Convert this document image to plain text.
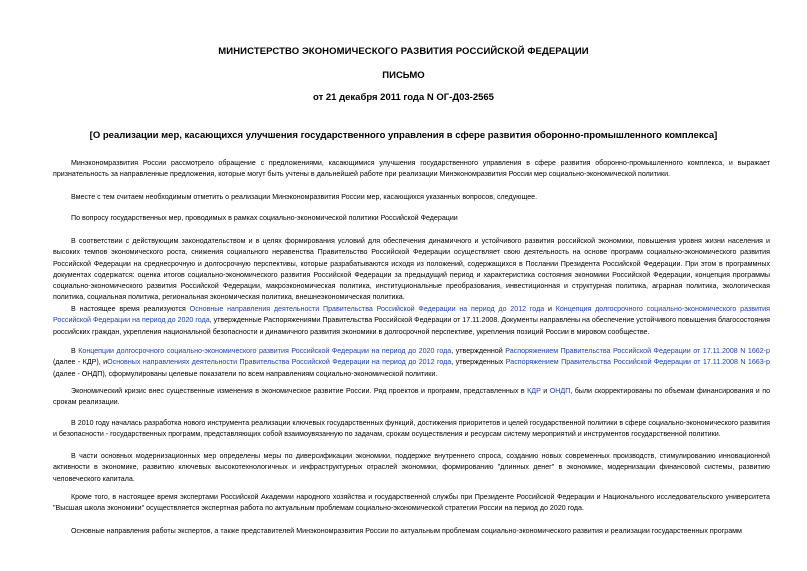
МИНИСТЕРСТВО ЭКОНОМИЧЕСКОГО РАЗВИТИЯ РОССИЙСКОЙ ФЕДЕРАЦИИ
ПИСЬМО
от 21 декабря 2011 года N ОГ-Д03-2565
[О реализации мер, касающихся улучшения государственного управления в сфере развития оборонно-промышленного комплекса]

Минэкономразвития России рассмотрело обращение с предложениями, касающимися улучшения государственного управления в сфере развития оборонно-промышленного комплекса, и выражает признательность за направленные предложения, которые могут быть учтены в дальнейшей работе при реализации Минэкономразвития России мер социально-экономической политики.

Вместе с тем считаем необходимым отметить о реализации Минэкономразвития России мер, касающихся указанных вопросов, следующее.

По вопросу государственных мер, проводимых в рамках социально-экономической политики Российской Федерации

В соответствии с действующим законодательством и в целях формирования условий для обеспечения динамичного и устойчивого развития российской экономики, повышения уровня жизни населения и высоких темпов экономического роста, снижения социального неравенства Правительство Российской Федерации осуществляет свою деятельность на основе программ социально-экономического развития Российской Федерации на среднесрочную и долгосрочную перспективы, которые разрабатываются исходя из положений, содержащихся в Послании Президента Российской Федерации. При этом в программных документах содержатся: оценка итогов социально-экономического развития Российской Федерации за предыдущий период и характеристика состояния экономики Российской Федерации, концепция программы социально-экономического развития Российской Федерации, макроэкономическая политика, институциональные преобразования, инвестиционная и структурная политика, аграрная политика, экологическая политика, социальная политика, региональная экономическая политика, внешнеэкономическая политика.

В настоящее время реализуются Основные направления деятельности Правительства Российской Федерации на период до 2012 года и Концепция долгосрочного социально-экономического развития Российской Федерации на период до 2020 года, утвержденные Распоряжениями Правительства Российской Федерации от 17.11.2008. Документы направлены на обеспечение устойчивого повышения благосостояния российских граждан, укрепления национальной безопасности и динамичного развития экономики в долгосрочной перспективе, укрепления позиций России в мировом сообществе.

В Концепции долгосрочного социально-экономического развития Российской Федерации на период до 2020 года, утвержденной Распоряжением Правительства Российской Федерации от 17.11.2008 N 1662-р (далее - КДР), иОсновных направлениях деятельности Правительства Российской Федерации на период до 2012 года, утвержденных Распоряжением Правительства Российской Федерации от 17.11.2008 N 1663-р (далее - ОНДП), сформулированы целевые показатели по всем направлениям социально-экономической политики.

Экономический кризис внес существенные изменения в экономическое развитие России. Ряд проектов и программ, представленных в КДР и ОНДП, были скорректированы по объемам финансирования и по срокам реализации.

В 2010 году началась разработка нового инструмента реализации ключевых государственных функций, достижения приоритетов и целей государственной политики в сфере социально-экономического развития и безопасности - государственных программ, представляющих собой взаимоувязанную по задачам, срокам осуществления и ресурсам систему мероприятий и инструментов государственной политики.

В части основных модернизационных мер определены меры по диверсификации экономики, поддержке внутреннего спроса, созданию новых современных производств, стимулированию инновационной активности в экономике, развитию ключевых высокотехнологичных и инфраструктурных отраслей экономики, формированию "длинных денег" в экономике, модернизации финансовой системы, развитию человеческого капитала.

Кроме того, в настоящее время экспертами Российской Академии народного хозяйства и государственной службы при Президенте Российской Федерации и Национального исследовательского университета "Высшая школа экономики" осуществляется экспертная работа по актуальным проблемам социально-экономической стратегии России на период до 2020 года.

Основные направления работы экспертов, а также представителей Минэкономразвития России по актуальным проблемам социально-экономического развития и реализации государственных программ
